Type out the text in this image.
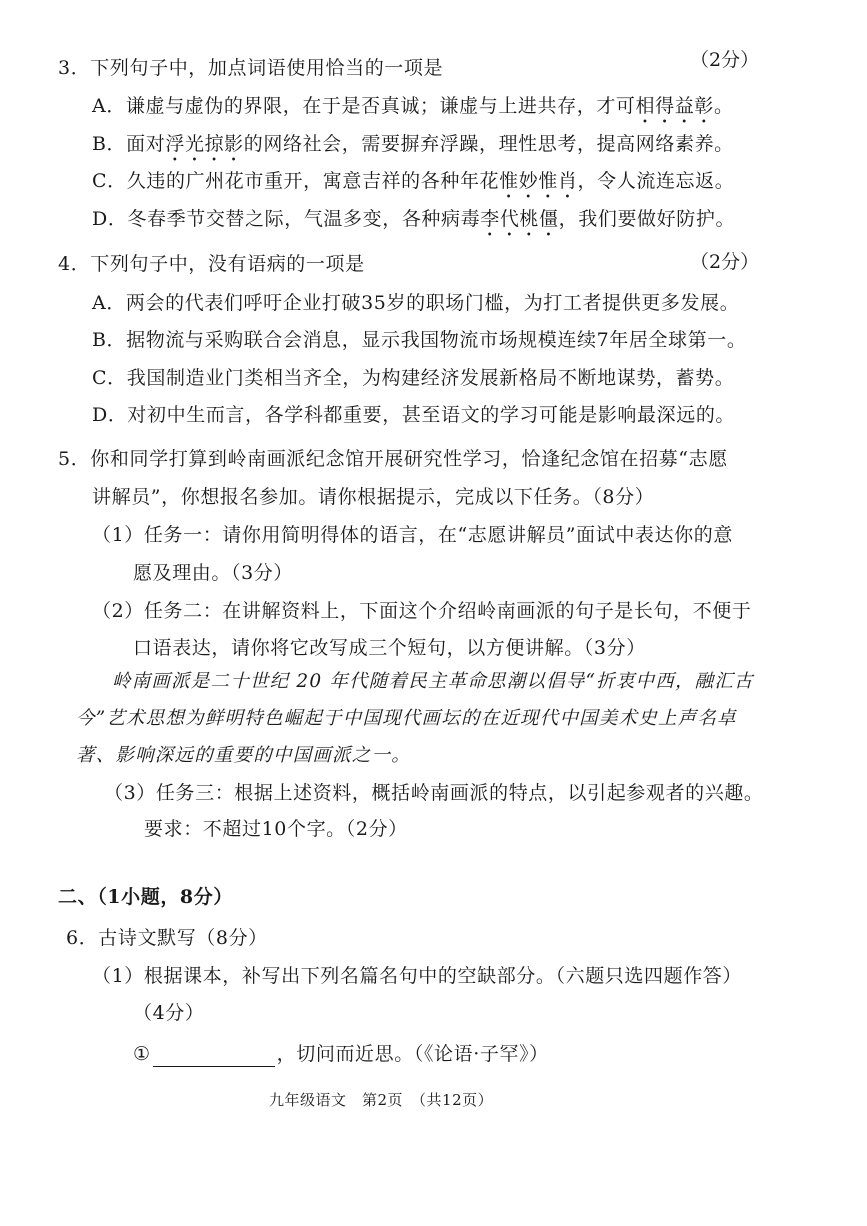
3．下列句子中，加点词语使用恰当的一项是	（2分）
A．谦虚与虚伪的界限，在于是否真诚；谦虚与上进共存，才可相得益彰。
B．面对浮光掠影的网络社会，需要摒弃浮躁，理性思考，提高网络素养。
C．久违的广州花市重开，寓意吉祥的各种年花惟妙惟肖，令人流连忘返。
D．冬春季节交替之际，气温多变，各种病毒李代桃僵，我们要做好防护。
4．下列句子中，没有语病的一项是	（2分）
A．两会的代表们呼吁企业打破35岁的职场门槛，为打工者提供更多发展。
B．据物流与采购联合会消息，显示我国物流市场规模连续7年居全球第一。
C．我国制造业门类相当齐全，为构建经济发展新格局不断地谋势，蓄势。
D．对初中生而言，各学科都重要，甚至语文的学习可能是影响最深远的。
5．你和同学打算到岭南画派纪念馆开展研究性学习，恰逢纪念馆在招募“志愿
讲解员”，你想报名参加。请你根据提示，完成以下任务。（8分）
（1）任务一：请你用简明得体的语言，在“志愿讲解员”面试中表达你的意
愿及理由。（3分）
（2）任务二：在讲解资料上，下面这个介绍岭南画派的句子是长句，不便于
口语表达，请你将它改写成三个短句，以方便讲解。（3分）
岭南画派是二十世纪 20 年代随着民主革命思潮以倡导“折衷中西，融汇古
今”艺术思想为鲜明特色崛起于中国现代画坛的在近现代中国美术史上声名卓
著、影响深远的重要的中国画派之一。
（3）任务三：根据上述资料，概括岭南画派的特点，以引起参观者的兴趣。
要求：不超过10个字。（2分）
二、（1小题，8分）
6．古诗文默写（8分）
（1）根据课本，补写出下列名篇名句中的空缺部分。（六题只选四题作答）
（4分）
①	，切问而近思。（《论语·子罕》）
九年级语文　第2页　（共12页）
